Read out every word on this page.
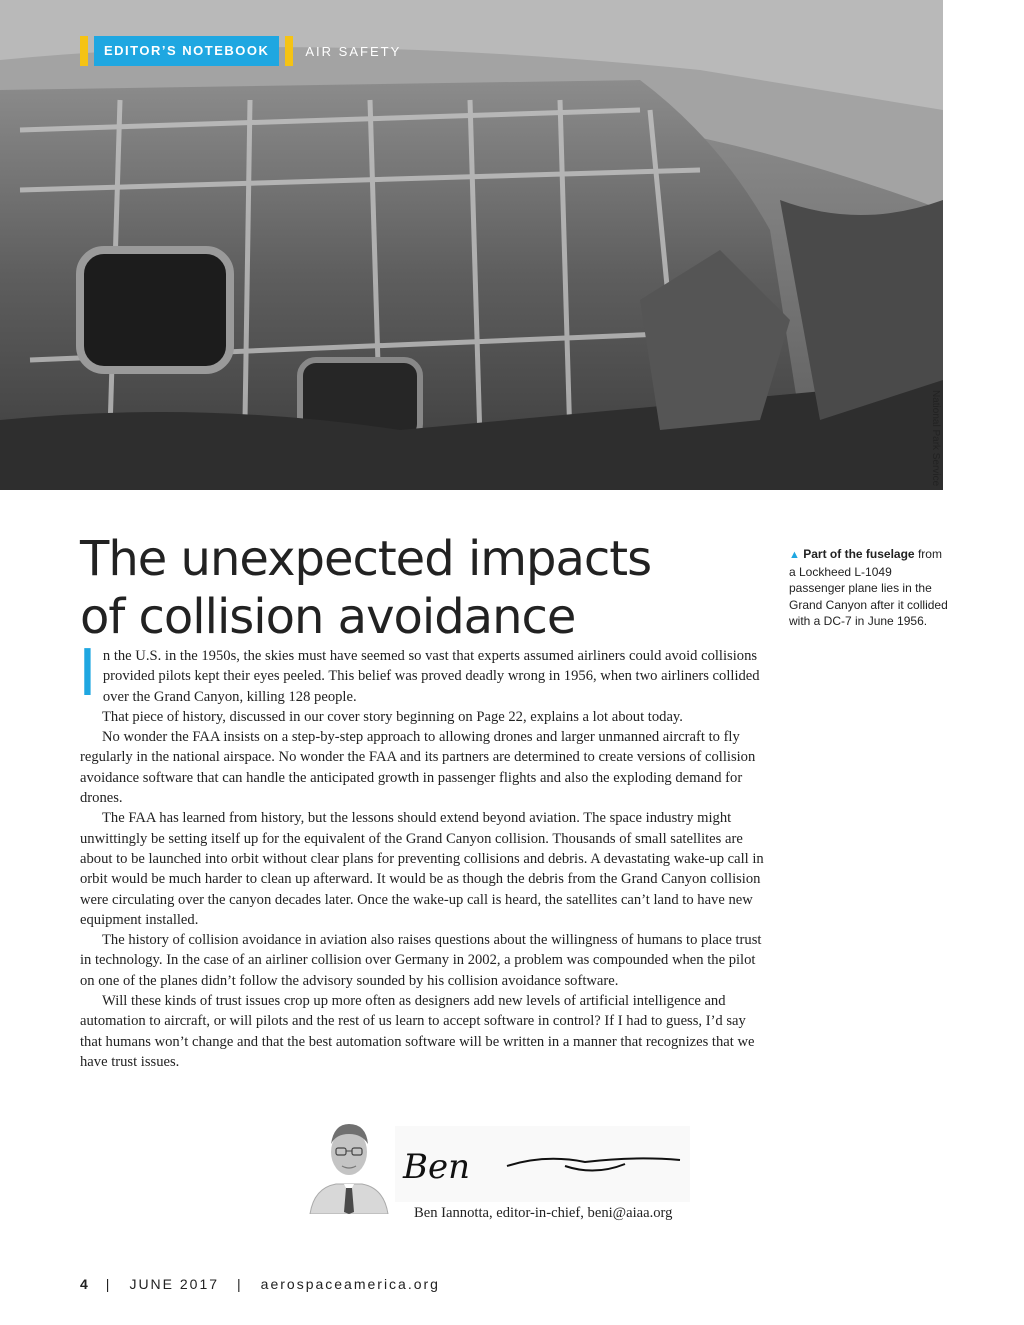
EDITOR’S NOTEBOOK	AIR SAFETY
National Park Service
The unexpected impacts
of collision avoidance
▲ Part of the fuselage from a Lockheed L-1049 passenger plane lies in the Grand Canyon after it collided with a DC-7 in June 1956.

In the U.S. in the 1950s, the skies must have seemed so vast that experts assumed airliners could avoid collisions provided pilots kept their eyes peeled. This belief was proved deadly wrong in 1956, when two airliners collided over the Grand Canyon, killing 128 people.

That piece of history, discussed in our cover story beginning on Page 22, explains a lot about today.

No wonder the FAA insists on a step-by-step approach to allowing drones and larger unmanned aircraft to fly regularly in the national airspace. No wonder the FAA and its partners are determined to create versions of collision avoidance software that can handle the anticipated growth in passenger flights and also the exploding demand for drones.

The FAA has learned from history, but the lessons should extend beyond aviation. The space industry might unwittingly be setting itself up for the equivalent of the Grand Canyon collision. Thousands of small satellites are about to be launched into orbit without clear plans for preventing collisions and debris. A devastating wake-up call in orbit would be much harder to clean up afterward. It would be as though the debris from the Grand Canyon collision were circulating over the canyon decades later. Once the wake-up call is heard, the satellites can’t land to have new equipment installed.

The history of collision avoidance in aviation also raises questions about the willingness of humans to place trust in technology. In the case of an airliner collision over Germany in 2002, a problem was compounded when the pilot on one of the planes didn’t follow the advisory sounded by his collision avoidance software.

Will these kinds of trust issues crop up more often as designers add new levels of artificial intelligence and automation to aircraft, or will pilots and the rest of us learn to accept software in control? If I had to guess, I’d say that humans won’t change and that the best automation software will be written in a manner that recognizes that we have trust issues.

Ben
Ben Iannotta, editor-in-chief, beni@aiaa.org
4 | JUNE 2017 | aerospaceamerica.org
